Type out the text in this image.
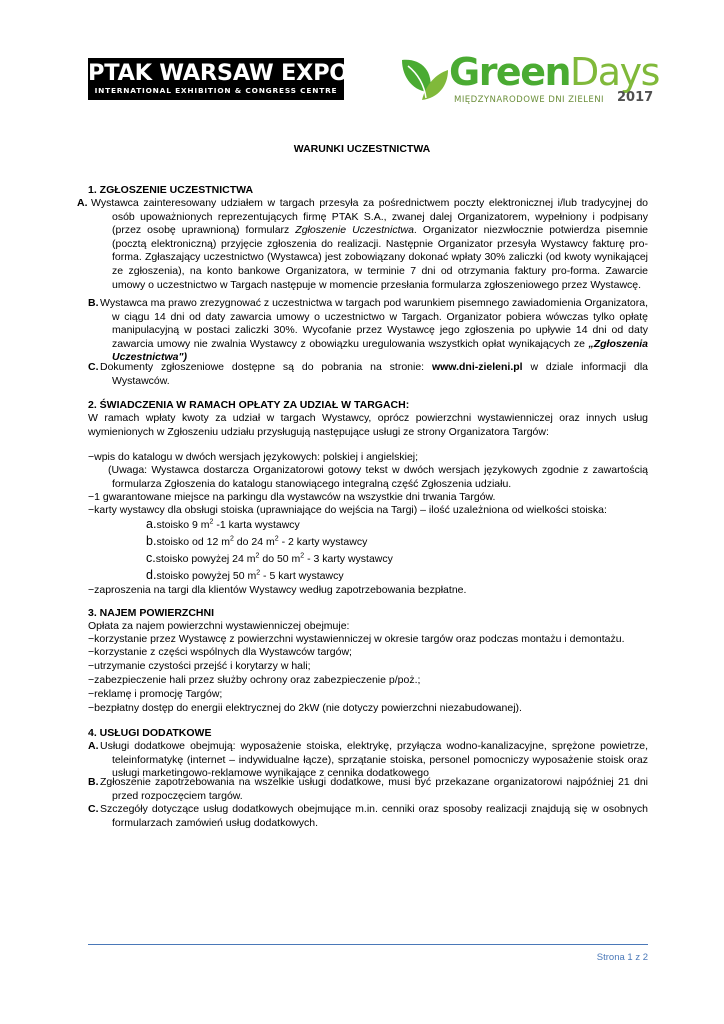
PTAK WARSAW EXPO
INTERNATIONAL EXHIBITION & CONGRESS CENTRE	GreenDays
MIĘDZYNARODOWE DNI ZIELENI 2017
WARUNKI UCZESTNICTWA
1. ZGŁOSZENIE UCZESTNICTWA
A. Wystawca zainteresowany udziałem w targach przesyła za pośrednictwem poczty elektronicznej i/lub tradycyjnej do osób upoważnionych reprezentujących firmę PTAK S.A., zwanej dalej Organizatorem, wypełniony i podpisany (przez osobę uprawnioną) formularz Zgłoszenie Uczestnictwa. Organizator niezwłocznie potwierdza pisemnie (pocztą elektroniczną) przyjęcie zgłoszenia do realizacji. Następnie Organizator przesyła Wystawcy fakturę pro-forma. Zgłaszający uczestnictwo (Wystawca) jest zobowiązany dokonać wpłaty 30% zaliczki (od kwoty wynikającej ze zgłoszenia), na konto bankowe Organizatora, w terminie 7 dni od otrzymania faktury pro-forma. Zawarcie umowy o uczestnictwo w Targach następuje w momencie przesłania formularza zgłoszeniowego przez Wystawcę.
B. Wystawca ma prawo zrezygnować z uczestnictwa w targach pod warunkiem pisemnego zawiadomienia Organizatora, w ciągu 14 dni od daty zawarcia umowy o uczestnictwo w Targach. Organizator pobiera wówczas tylko opłatę manipulacyjną w postaci zaliczki 30%. Wycofanie przez Wystawcę jego zgłoszenia po upływie 14 dni od daty zawarcia umowy nie zwalnia Wystawcy z obowiązku uregulowania wszystkich opłat wynikających ze „Zgłoszenia Uczestnictwa")
C. Dokumenty zgłoszeniowe dostępne są do pobrania na stronie: www.dni-zieleni.pl w dziale informacji dla Wystawców.
2. ŚWIADCZENIA W RAMACH OPŁATY ZA UDZIAŁ W TARGACH:
W ramach wpłaty kwoty za udział w targach Wystawcy, oprócz powierzchni wystawienniczej oraz innych usług wymienionych w Zgłoszeniu udziału przysługują następujące usługi ze strony Organizatora Targów:
−wpis do katalogu w dwóch wersjach językowych: polskiej i angielskiej;
(Uwaga: Wystawca dostarcza Organizatorowi gotowy tekst w dwóch wersjach językowych zgodnie z zawartością formularza Zgłoszenia do katalogu stanowiącego integralną część Zgłoszenia udziału.
−1 gwarantowane miejsce na parkingu dla wystawców na wszystkie dni trwania Targów.
−karty wystawcy dla obsługi stoiska (uprawniające do wejścia na Targi) – ilość uzależniona od wielkości stoiska:
a.stoisko 9 $m^2$ -1 karta wystawcy
b.stoisko od 12 $m^2$ do 24 $m^2 - 2$ karty wystawcy
c.stoisko powyżej 24 $m^2$ do 50 $m^2 - 3$ karty wystawcy
d.stoisko powyżej 50 $m^2 - 5$ kart wystawcy
−zaproszenia na targi dla klientów Wystawcy według zapotrzebowania bezpłatne.
3. NAJEM POWIERZCHNI
Opłata za najem powierzchni wystawienniczej obejmuje:
−korzystanie przez Wystawcę z powierzchni wystawienniczej w okresie targów oraz podczas montażu i demontażu.
−korzystanie z części wspólnych dla Wystawców targów;
−utrzymanie czystości przejść i korytarzy w hali;
−zabezpieczenie hali przez służby ochrony oraz zabezpieczenie p/poż.;
−reklamę i promocję Targów;
−bezpłatny dostęp do energii elektrycznej do 2kW (nie dotyczy powierzchni niezabudowanej).
4. USŁUGI DODATKOWE
A. Usługi dodatkowe obejmują: wyposażenie stoiska, elektrykę, przyłącza wodno-kanalizacyjne, sprężone powietrze, teleinformatykę (internet – indywidualne łącze), sprzątanie stoiska, personel pomocniczy wyposażenie stoisk oraz usługi marketingowo-reklamowe wynikające z cennika dodatkowego
B. Zgłoszenie zapotrzebowania na wszelkie usługi dodatkowe, musi być przekazane organizatorowi najpóźniej 21 dni przed rozpoczęciem targów.
C. Szczegóły dotyczące usług dodatkowych obejmujące m.in. cenniki oraz sposoby realizacji znajdują się w osobnych formularzach zamówień usług dodatkowych.
Strona 1 z 2
